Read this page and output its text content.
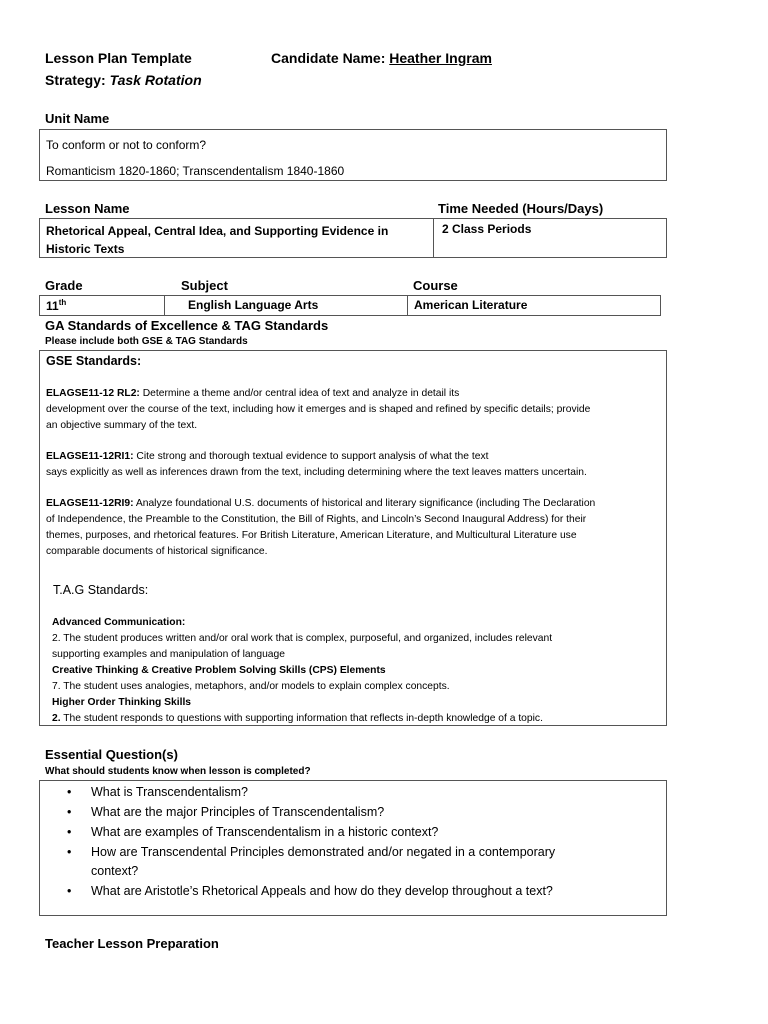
Lesson Plan Template
Strategy: Task Rotation
Candidate Name: Heather Ingram
Unit Name
To conform or not to conform?
Romanticism 1820-1860; Transcendentalism 1840-1860
Lesson Name	Time Needed (Hours/Days)
Rhetorical Appeal, Central Idea, and Supporting Evidence in
Historic Texts
2 Class Periods
Grade	Subject	Course
11th	English Language Arts	American Literature
GA Standards of Excellence & TAG Standards
Please include both GSE & TAG Standards
GSE Standards:
ELAGSE11-12 RL2: Determine a theme and/or central idea of text and analyze in detail its
development over the course of the text, including how it emerges and is shaped and refined by specific details; provide
an objective summary of the text.
ELAGSE11-12RI1: Cite strong and thorough textual evidence to support analysis of what the text
says explicitly as well as inferences drawn from the text, including determining where the text leaves matters uncertain.
ELAGSE11-12RI9: Analyze foundational U.S. documents of historical and literary significance (including The Declaration
of Independence, the Preamble to the Constitution, the Bill of Rights, and Lincoln’s Second Inaugural Address) for their
themes, purposes, and rhetorical features. For British Literature, American Literature, and Multicultural Literature use
comparable documents of historical significance.
T.A.G Standards:
Advanced Communication:
2. The student produces written and/or oral work that is complex, purposeful, and organized, includes relevant
supporting examples and manipulation of language
Creative Thinking & Creative Problem Solving Skills (CPS) Elements
7. The student uses analogies, metaphors, and/or models to explain complex concepts.
Higher Order Thinking Skills
2. The student responds to questions with supporting information that reflects in-depth knowledge of a topic.
Essential Question(s)
What should students know when lesson is completed?
• What is Transcendentalism?
• What are the major Principles of Transcendentalism?
• What are examples of Transcendentalism in a historic context?
• How are Transcendental Principles demonstrated and/or negated in a contemporary
context?
• What are Aristotle’s Rhetorical Appeals and how do they develop throughout a text?
Teacher Lesson Preparation
